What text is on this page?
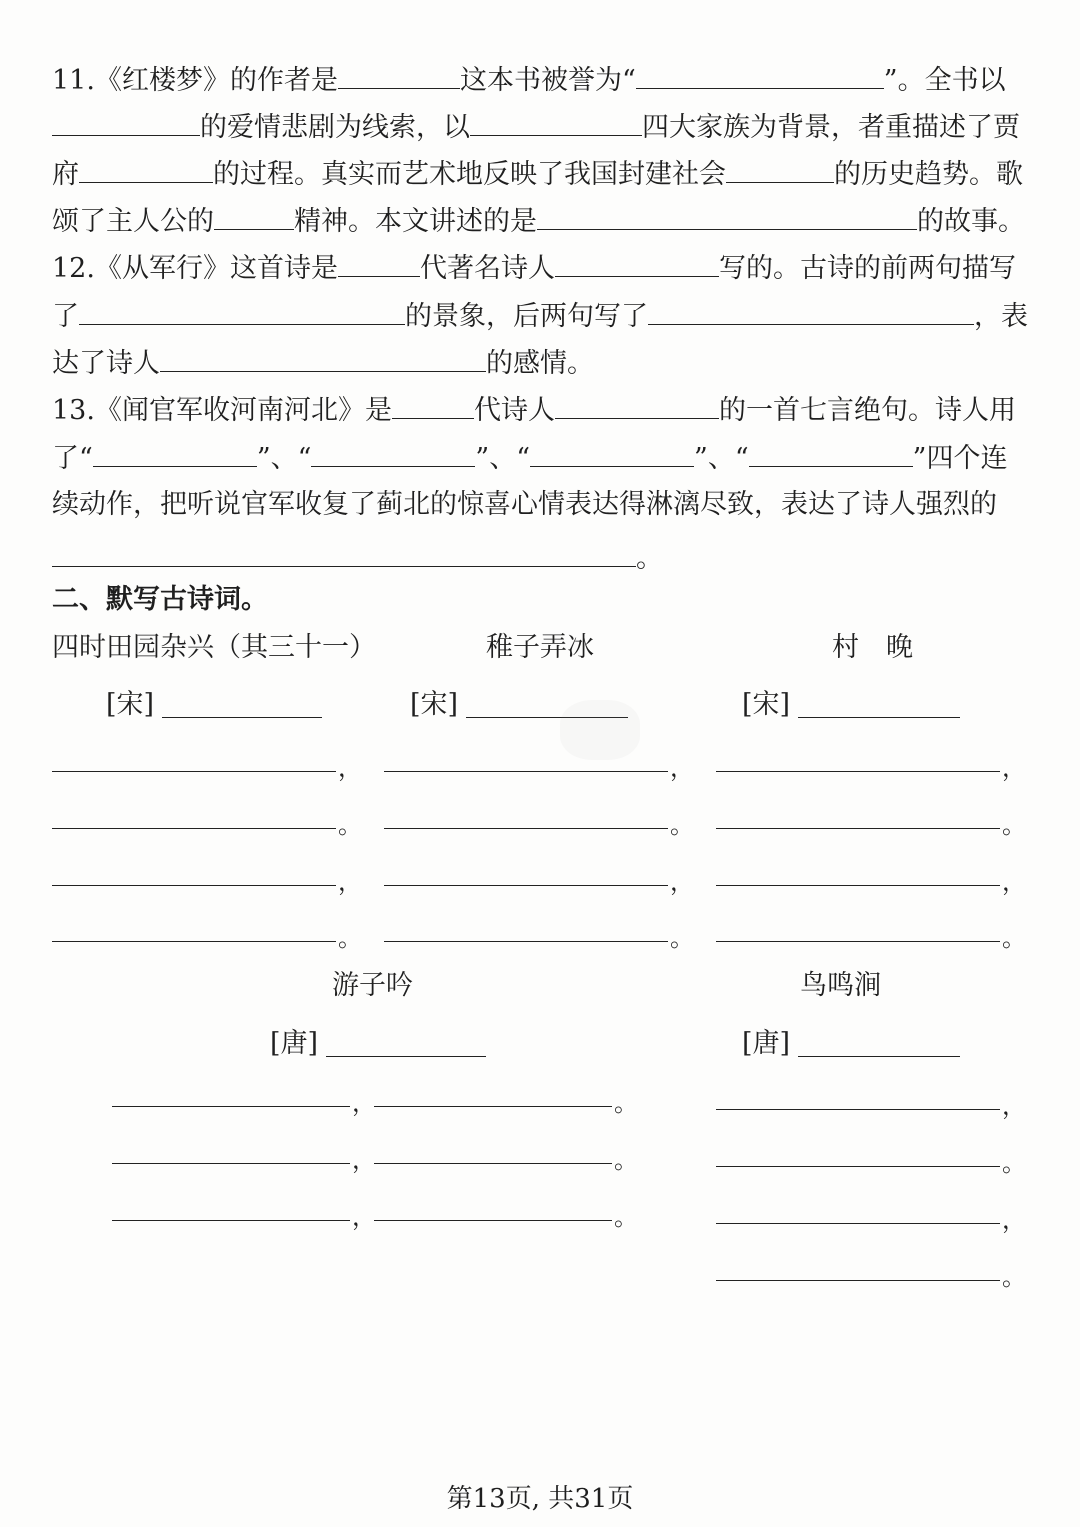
11.《红楼梦》的作者是	这本书被誉为“	”。全书以
的爱情悲剧为线索，以	四大家族为背景，者重描述了贾
府	的过程。真实而艺术地反映了我国封建社会	的历史趋势。歌
颂了主人公的	精神。本文讲述的是	的故事。
12.《从军行》这首诗是	代著名诗人	写的。古诗的前两句描写
了	的景象，后两句写了	，表
达了诗人	的感情。
13.《闻官军收河南河北》是	代诗人	的一首七言绝句。诗人用
了“	”、“	”、“	”、“	”四个连
续动作，把听说官军收复了蓟北的惊喜心情表达得淋漓尽致，表达了诗人强烈的
。
二、默写古诗词。
四时田园杂兴（其三十一）	稚子弄冰	村　晚
[宋]	[宋]	[宋]
，
。
，
。
，
。
，
。
，
。
，
。
游子吟	鸟鸣涧
[唐]	[唐]
，	。
，	。
，	。
，
。
，
。
第13页, 共31页
